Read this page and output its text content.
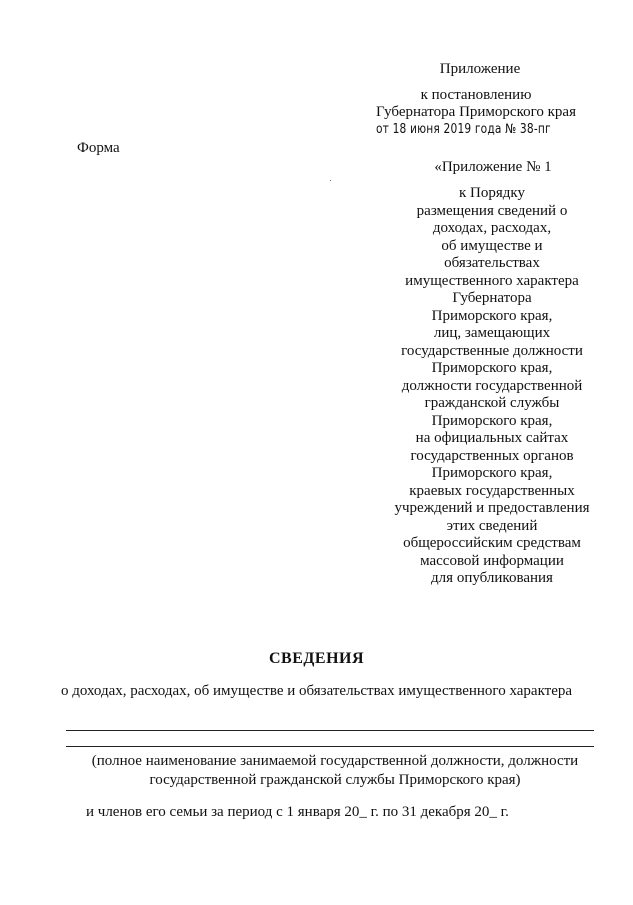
Приложение
к постановлению
Губернатора Приморского края
от 18 июня 2019 года № 38-пг
Форма
«Приложение № 1
к Порядку
размещения сведений о
доходах, расходах,
об имуществе и
обязательствах
имущественного характера
Губернатора
Приморского края,
лиц, замещающих
государственные должности
Приморского края,
должности государственной
гражданской службы
Приморского края,
на официальных сайтах
государственных органов
Приморского края,
краевых государственных
учреждений и предоставления
этих сведений
общероссийским средствам
массовой информации
для опубликования
СВЕДЕНИЯ
о доходах, расходах, об имуществе и обязательствах имущественного характера
(полное наименование занимаемой государственной должности, должности
государственной гражданской службы Приморского края)
и членов его семьи за период с 1 января 20_ г. по 31 декабря 20_ г.
